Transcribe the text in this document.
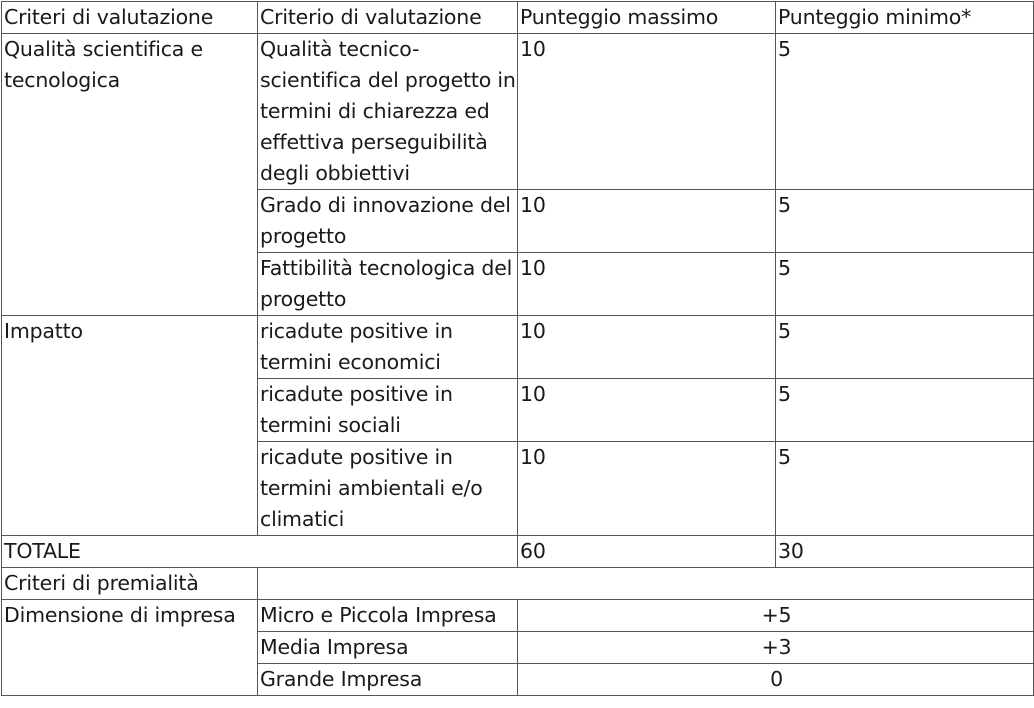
Criteri di valutazione	Criterio di valutazione	Punteggio massimo	Punteggio minimo*
Qualità scientifica e tecnologica	Qualità tecnico-scientifica del progetto in termini di chiarezza ed effettiva perseguibilità degli obbiettivi	10	5
	Grado di innovazione del progetto	10	5
	Fattibilità tecnologica del progetto	10	5
Impatto	ricadute positive in termini economici	10	5
	ricadute positive in termini sociali	10	5
	ricadute positive in termini ambientali e/o climatici	10	5
TOTALE		60	30
Criteri di premialità			
Dimensione di impresa	Micro e Piccola Impresa	+5	
	Media Impresa	+3	
	Grande Impresa	0	
